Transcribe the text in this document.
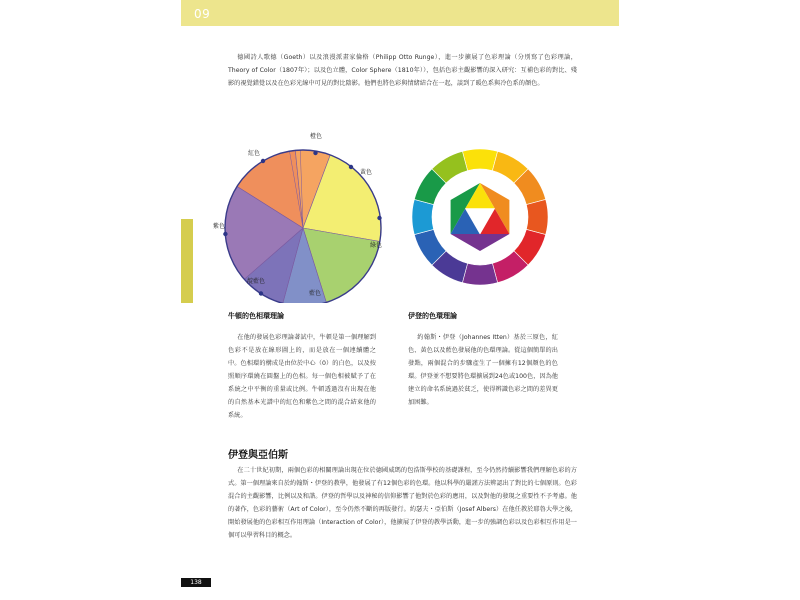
09

德國詩人歌德（Goeth）以及浪漫派畫家倫格（Philipp Otto Runge），進一步擴展了色彩理論（分別寫了色彩理論，Theory of Color（1807年）；以及色立體，Color Sphere（1810年）），包括色彩主觀影響的深入研究：互補色彩的對比、殘影的視覺錯覺以及在色彩光線中可見的對比陰影。他們也將色彩與情緒結合在一起，談到了暖色系與冷色系的顏色。

橙色
紅色
黃色
紫色
綠色
靛藍色
藍色

牛頓的色相環理論	伊登的色環理論

在他的發展色彩理論著試中，牛頓是第一個理解到色彩不是放在線形圖上的，而是放在一個連續體之中。色相環的構成是由位於中心（0）的白色，以及按照順序環繞在圓盤上的色相。每一個色相被賦予了在系統之中平衡的重量或比例。牛頓透過沒有出現在他的自然基本光譜中的紅色和紫色之間的混合結束他的系統。

約翰斯・伊登（Johannes Itten）基於三原色，紅色、黃色以及藍色發展他的色環理論。從這個簡單的出發點，兩個混合的步驟產生了一個擁有12個顏色的色環。伊登並不想要將色環擴展到24色或100色，因為他建立的命名系統過於貧乏，使得辨識色彩之間的差異更加困難。

伊登與亞伯斯

在二十世紀初期，兩個色彩的相關理論出現在位於德國威瑪的包浩斯學校的基礎課程，至今仍然持續影響我們理解色彩的方式。第一個理論來自於約翰斯・伊登的教學，他發展了有12個色彩的色環。他以科學的嚴謹方法辨認出了對比的七個原則。色彩混合的主觀影響，比例以及和諧。伊登的哲學以及神秘的信仰影響了他對於色彩的應用，以及對他的發現之重要性不予考慮。他的著作，色彩的藝術（Art of Color），至今仍然不斷的再版發行。約瑟夫・亞伯斯（Josef Albers）在他任教於耶魯大學之後，開始發展他的色彩相互作用理論（Interaction of Color），他擴展了伊登的教學活動，進一步的強調色彩以及色彩相互作用是一個可以學習科目的概念。

138
